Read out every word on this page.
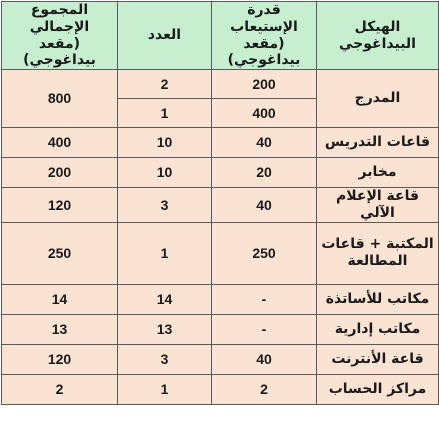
الهيكل البيداغوجي	قدرة الإستيعاب
(مقعد بيداغوجي)	العدد	المجموع الإجمالي
(مقعد بيداغوجي)

المدرج	200	2	800
	400	1	
قاعات التدريس	40	10	400
مخابر	20	10	200
قاعة الإعلام الآلي	40	3	120

المكتبة + قاعات
المطالعة	250	1	250
مكاتب للأساتذة	-	14	14
مكاتب إدارية	-	13	13
قاعة الأنترنت	40	3	120
مراكز الحساب	2	1	2
